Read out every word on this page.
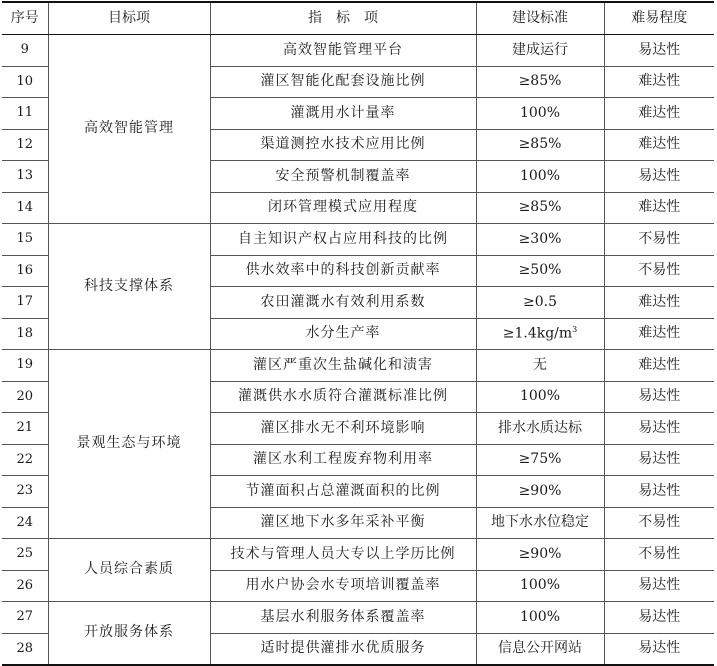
序号	目标项	指　标　项	建设标准	难易程度
9	高效智能管理	高效智能管理平台	建成运行	易达性
10		灌区智能化配套设施比例	≥85%	难达性
11		灌溉用水计量率	100%	难达性
12		渠道测控水技术应用比例	≥85%	难达性
13		安全预警机制覆盖率	100%	易达性
14		闭环管理模式应用程度	≥85%	难达性
15	科技支撑体系	自主知识产权占应用科技的比例	≥30%	不易性
16		供水效率中的科技创新贡献率	≥50%	不易性
17		农田灌溉水有效利用系数	≥0.5	难达性
18		水分生产率	$\ge 1.4kg/m^3$	难达性
19	景观生态与环境	灌区严重次生盐碱化和渍害	无	难达性
20		灌溉供水水质符合灌溉标准比例	100%	易达性
21		灌区排水无不利环境影响	排水水质达标	易达性
22		灌区水利工程废弃物利用率	≥75%	易达性
23		节灌面积占总灌溉面积的比例	≥90%	易达性
24		灌区地下水多年采补平衡	地下水水位稳定	不易性
25	人员综合素质	技术与管理人员大专以上学历比例	≥90%	不易性
26		用水户协会水专项培训覆盖率	100%	易达性
27	开放服务体系	基层水利服务体系覆盖率	100%	易达性
28		适时提供灌排水优质服务	信息公开网站	易达性
